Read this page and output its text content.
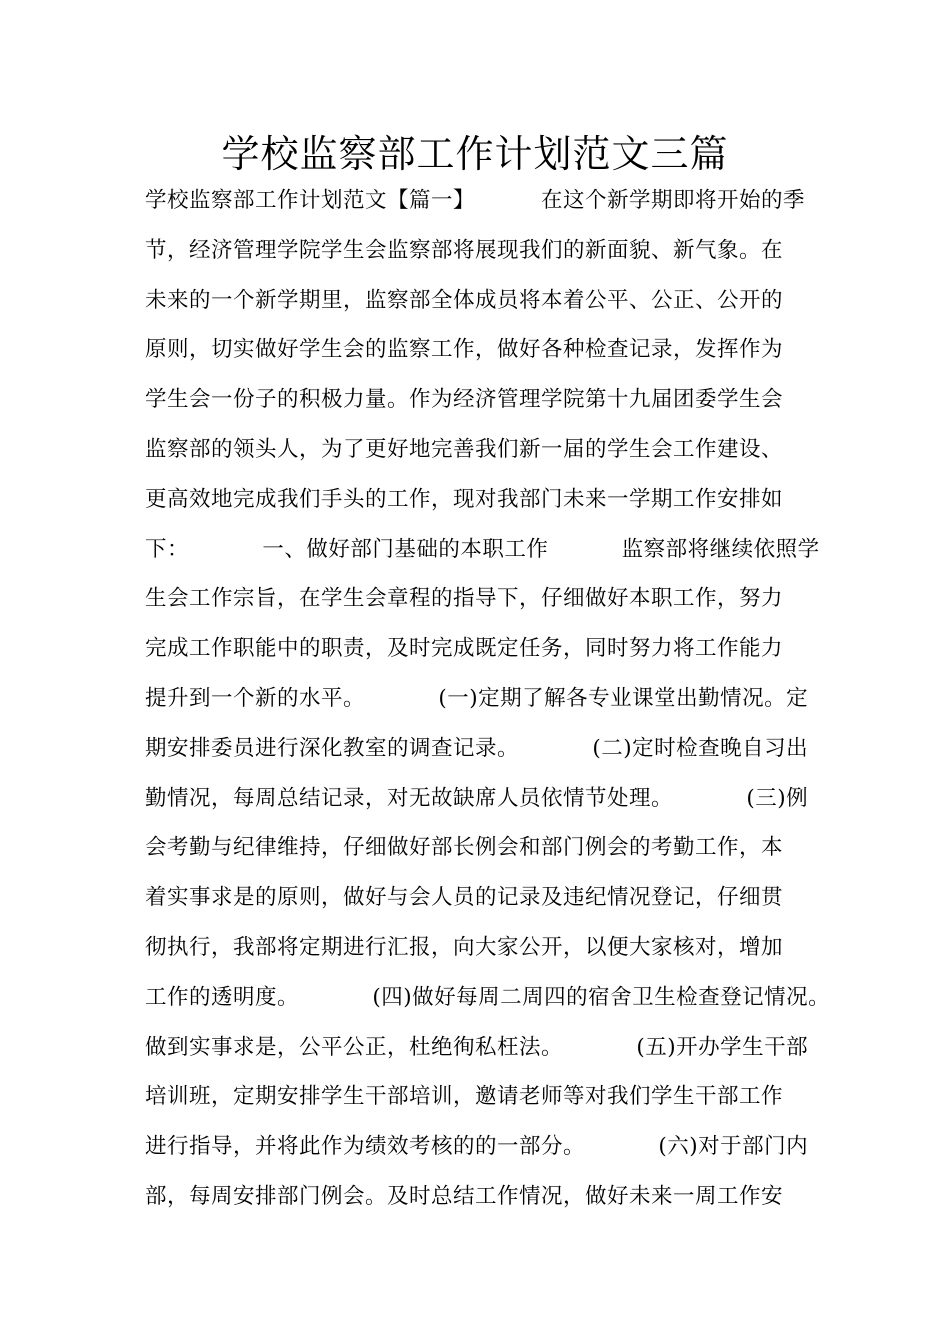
学校监察部工作计划范文三篇
学校监察部工作计划范文【篇一】         在这个新学期即将开始的季
节，经济管理学院学生会监察部将展现我们的新面貌、新气象。在
未来的一个新学期里，监察部全体成员将本着公平、公正、公开的
原则，切实做好学生会的监察工作，做好各种检查记录，发挥作为
学生会一份子的积极力量。作为经济管理学院第十九届团委学生会
监察部的领头人，为了更好地完善我们新一届的学生会工作建设、
更高效地完成我们手头的工作，现对我部门未来一学期工作安排如
下：          一、做好部门基础的本职工作          监察部将继续依照学
生会工作宗旨，在学生会章程的指导下，仔细做好本职工作，努力
完成工作职能中的职责，及时完成既定任务，同时努力将工作能力
提升到一个新的水平。          (一)定期了解各专业课堂出勤情况。定
期安排委员进行深化教室的调查记录。          (二)定时检查晚自习出
勤情况，每周总结记录，对无故缺席人员依情节处理。          (三)例
会考勤与纪律维持，仔细做好部长例会和部门例会的考勤工作，本
着实事求是的原则，做好与会人员的记录及违纪情况登记，仔细贯
彻执行，我部将定期进行汇报，向大家公开，以便大家核对，增加
工作的透明度。          (四)做好每周二周四的宿舍卫生检查登记情况。
做到实事求是，公平公正，杜绝徇私枉法。          (五)开办学生干部
培训班，定期安排学生干部培训，邀请老师等对我们学生干部工作
进行指导，并将此作为绩效考核的的一部分。          (六)对于部门内
部，每周安排部门例会。及时总结工作情况，做好未来一周工作安
